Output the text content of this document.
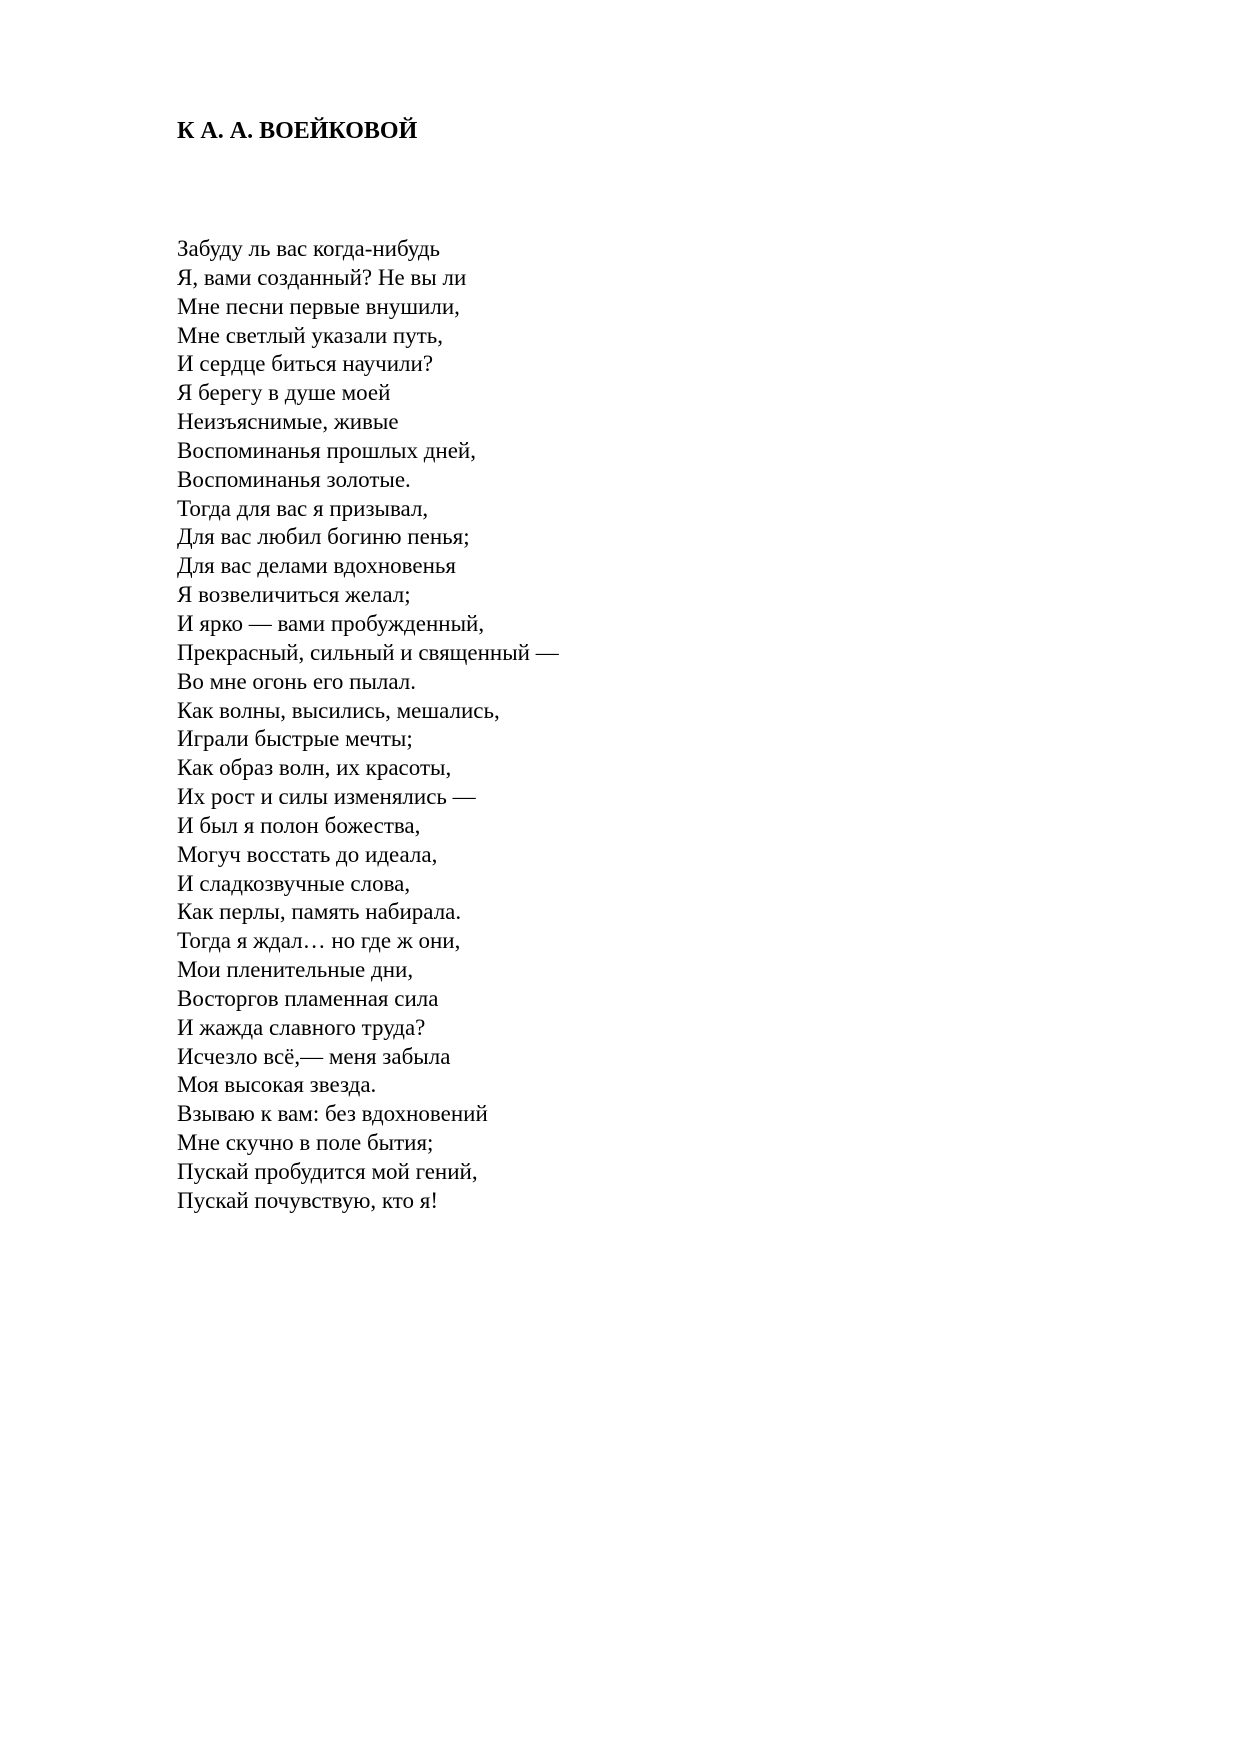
К А. А. ВОЕЙКОВОЙ
Забуду ль вас когда-нибудь
Я, вами созданный? Не вы ли
Мне песни первые внушили,
Мне светлый указали путь,
И сердце биться научили?
Я берегу в душе моей
Неизъяснимые, живые
Воспоминанья прошлых дней,
Воспоминанья золотые.
Тогда для вас я призывал,
Для вас любил богиню пенья;
Для вас делами вдохновенья
Я возвеличиться желал;
И ярко — вами пробужденный,
Прекрасный, сильный и священный —
Во мне огонь его пылал.
Как волны, высились, мешались,
Играли быстрые мечты;
Как образ волн, их красоты,
Их рост и силы изменялись —
И был я полон божества,
Могуч восстать до идеала,
И сладкозвучные слова,
Как перлы, память набирала.
Тогда я ждал… но где ж они,
Мои пленительные дни,
Восторгов пламенная сила
И жажда славного труда?
Исчезло всё,— меня забыла
Моя высокая звезда.
Взываю к вам: без вдохновений
Мне скучно в поле бытия;
Пускай пробудится мой гений,
Пускай почувствую, кто я!
